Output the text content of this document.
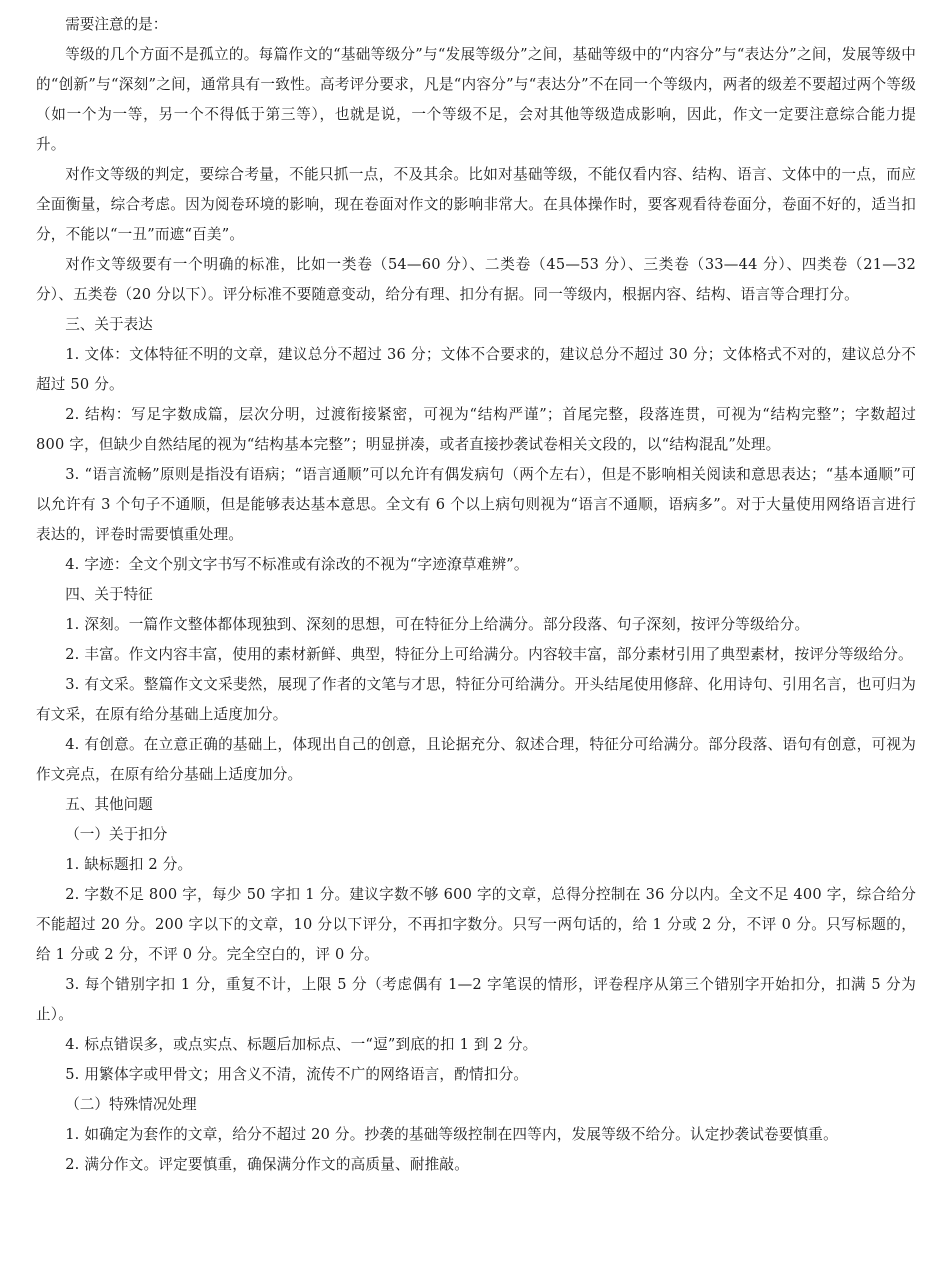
需要注意的是：

等级的几个方面不是孤立的。每篇作文的“基础等级分”与“发展等级分”之间，基础等级中的“内容分”与“表达分”之间，发展等级中的“创新”与“深刻”之间，通常具有一致性。高考评分要求，凡是“内容分”与“表达分”不在同一个等级内，两者的级差不要超过两个等级（如一个为一等，另一个不得低于第三等），也就是说，一个等级不足，会对其他等级造成影响，因此，作文一定要注意综合能力提升。

对作文等级的判定，要综合考量，不能只抓一点，不及其余。比如对基础等级，不能仅看内容、结构、语言、文体中的一点，而应全面衡量，综合考虑。因为阅卷环境的影响，现在卷面对作文的影响非常大。在具体操作时，要客观看待卷面分，卷面不好的，适当扣分，不能以“一丑”而遮“百美”。

对作文等级要有一个明确的标准，比如一类卷（54—60 分）、二类卷（45—53 分）、三类卷（33—44 分）、四类卷（21—32 分）、五类卷（20 分以下）。评分标准不要随意变动，给分有理、扣分有据。同一等级内，根据内容、结构、语言等合理打分。

三、关于表达

1. 文体：文体特征不明的文章，建议总分不超过 36 分；文体不合要求的，建议总分不超过 30 分；文体格式不对的，建议总分不超过 50 分。

2. 结构：写足字数成篇，层次分明，过渡衔接紧密，可视为“结构严谨”；首尾完整，段落连贯，可视为“结构完整”；字数超过 800 字，但缺少自然结尾的视为“结构基本完整”；明显拼凑，或者直接抄袭试卷相关文段的，以“结构混乱”处理。

3. “语言流畅”原则是指没有语病；“语言通顺”可以允许有偶发病句（两个左右），但是不影响相关阅读和意思表达；“基本通顺”可以允许有 3 个句子不通顺，但是能够表达基本意思。全文有 6 个以上病句则视为“语言不通顺，语病多”。对于大量使用网络语言进行表达的，评卷时需要慎重处理。

4. 字迹：全文个别文字书写不标准或有涂改的不视为“字迹潦草难辨”。

四、关于特征

1. 深刻。一篇作文整体都体现独到、深刻的思想，可在特征分上给满分。部分段落、句子深刻，按评分等级给分。

2. 丰富。作文内容丰富，使用的素材新鲜、典型，特征分上可给满分。内容较丰富，部分素材引用了典型素材，按评分等级给分。

3. 有文采。整篇作文文采斐然，展现了作者的文笔与才思，特征分可给满分。开头结尾使用修辞、化用诗句、引用名言，也可归为有文采，在原有给分基础上适度加分。

4. 有创意。在立意正确的基础上，体现出自己的创意，且论据充分、叙述合理，特征分可给满分。部分段落、语句有创意，可视为作文亮点，在原有给分基础上适度加分。

五、其他问题

（一）关于扣分

1. 缺标题扣 2 分。

2. 字数不足 800 字，每少 50 字扣 1 分。建议字数不够 600 字的文章，总得分控制在 36 分以内。全文不足 400 字，综合给分不能超过 20 分。200 字以下的文章，10 分以下评分，不再扣字数分。只写一两句话的，给 1 分或 2 分，不评 0 分。只写标题的，给 1 分或 2 分，不评 0 分。完全空白的，评 0 分。

3. 每个错别字扣 1 分，重复不计，上限 5 分（考虑偶有 1—2 字笔误的情形，评卷程序从第三个错别字开始扣分，扣满 5 分为止）。

4. 标点错误多，或点实点、标题后加标点、一“逗”到底的扣 1 到 2 分。

5. 用繁体字或甲骨文；用含义不清，流传不广的网络语言，酌情扣分。

（二）特殊情况处理

1. 如确定为套作的文章，给分不超过 20 分。抄袭的基础等级控制在四等内，发展等级不给分。认定抄袭试卷要慎重。

2. 满分作文。评定要慎重，确保满分作文的高质量、耐推敲。
